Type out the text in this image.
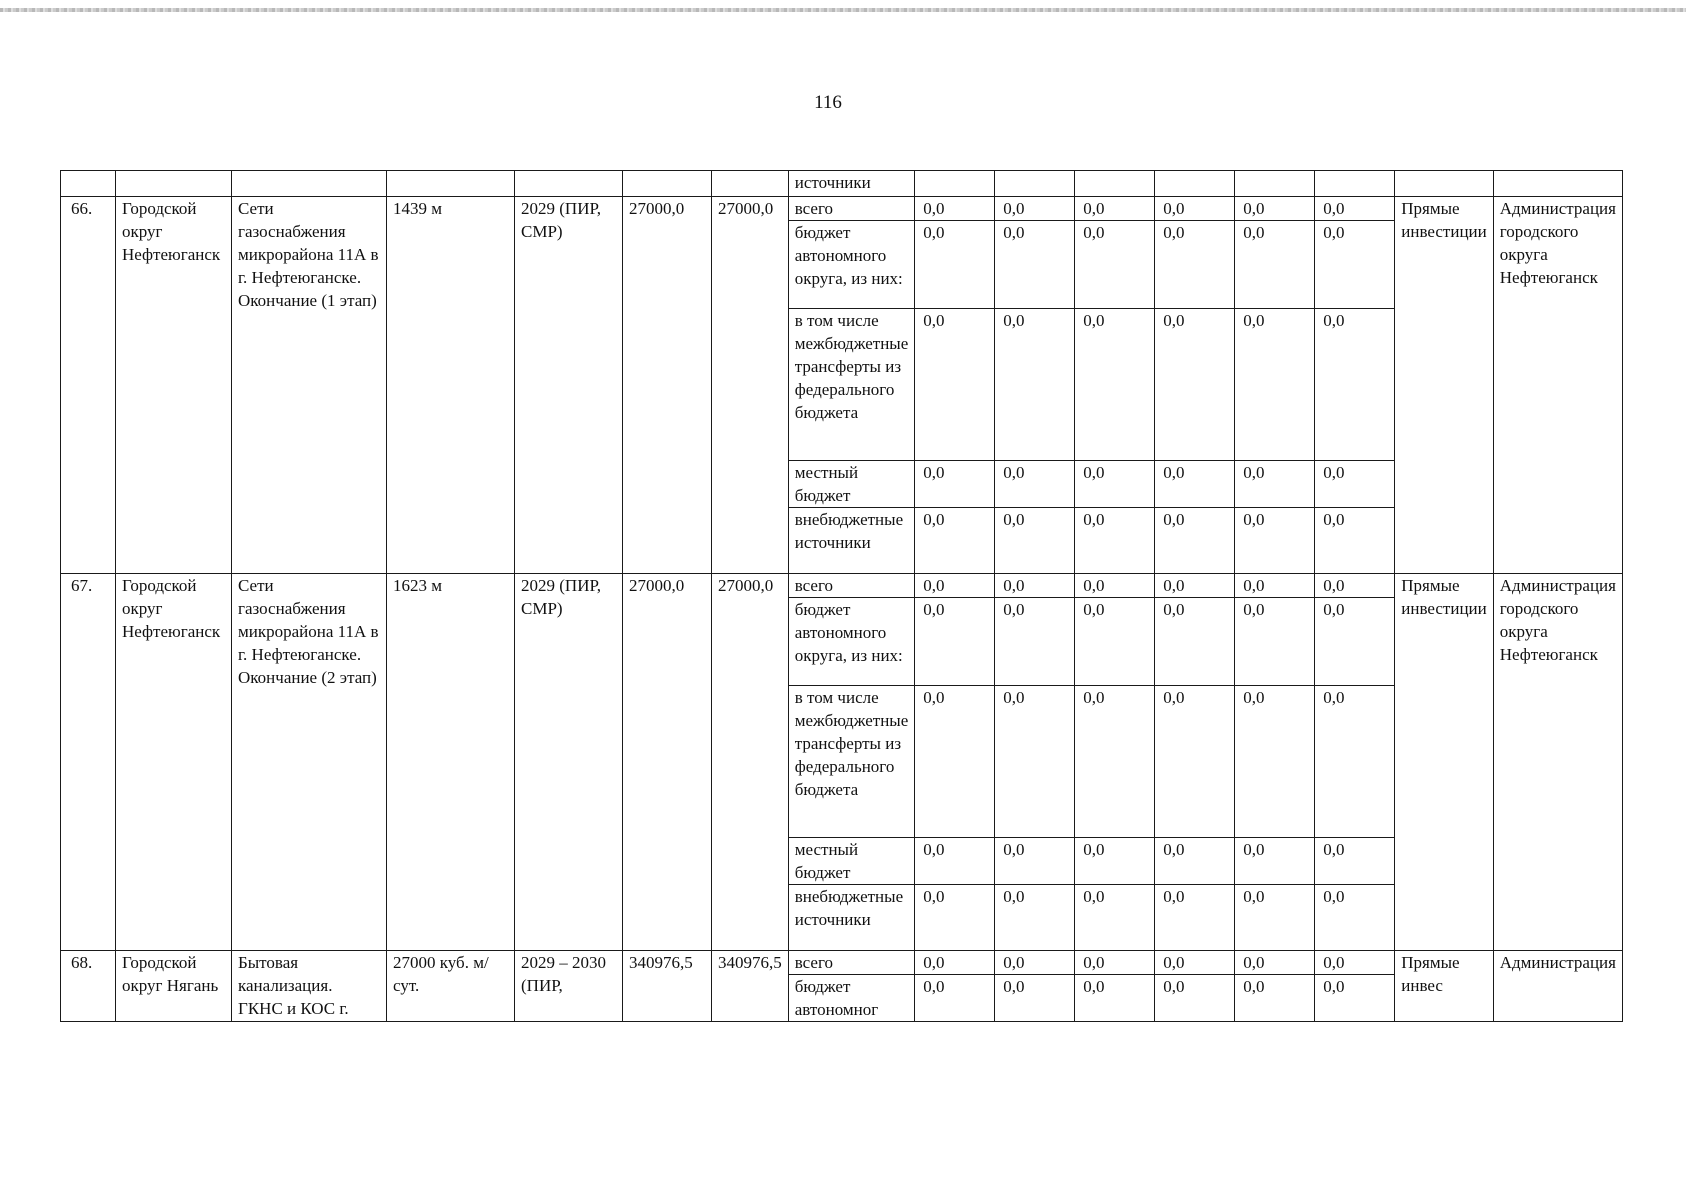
116
							источники								
66.	Городской округ Нефтеюганск	Сети газоснабжения микрорайона 11А в г. Нефтеюганске. Окончание (1 этап)	1439 м	2029 (ПИР, СМР)	27000,0	27000,0	всего	0,0	0,0	0,0	0,0	0,0	0,0	Прямые инвестиции	Администрация городского округа Нефтеюганск
							бюджет автономного округа, из них:	0,0	0,0	0,0	0,0	0,0	0,0		
							в том числе межбюджетные трансферты из федерального бюджета	0,0	0,0	0,0	0,0	0,0	0,0		
							местный бюджет	0,0	0,0	0,0	0,0	0,0	0,0		
							внебюджетные источники	0,0	0,0	0,0	0,0	0,0	0,0		
67.	Городской округ Нефтеюганск	Сети газоснабжения микрорайона 11А в г. Нефтеюганске. Окончание (2 этап)	1623 м	2029 (ПИР, СМР)	27000,0	27000,0	всего	0,0	0,0	0,0	0,0	0,0	0,0	Прямые инвестиции	Администрация городского округа Нефтеюганск
							бюджет автономного округа, из них:	0,0	0,0	0,0	0,0	0,0	0,0		
							в том числе межбюджетные трансферты из федерального бюджета	0,0	0,0	0,0	0,0	0,0	0,0		
							местный бюджет	0,0	0,0	0,0	0,0	0,0	0,0		
							внебюджетные источники	0,0	0,0	0,0	0,0	0,0	0,0		
68.	Городской округ Нягань	Бытовая канализация. ГКНС и КОС г.	27000 куб. м/сут.	2029 – 2030 (ПИР,	340976,5	340976,5	всего	0,0	0,0	0,0	0,0	0,0	0,0	Прямые инвес	Администрация
							бюджет автономног	0,0	0,0	0,0	0,0	0,0	0,0		
